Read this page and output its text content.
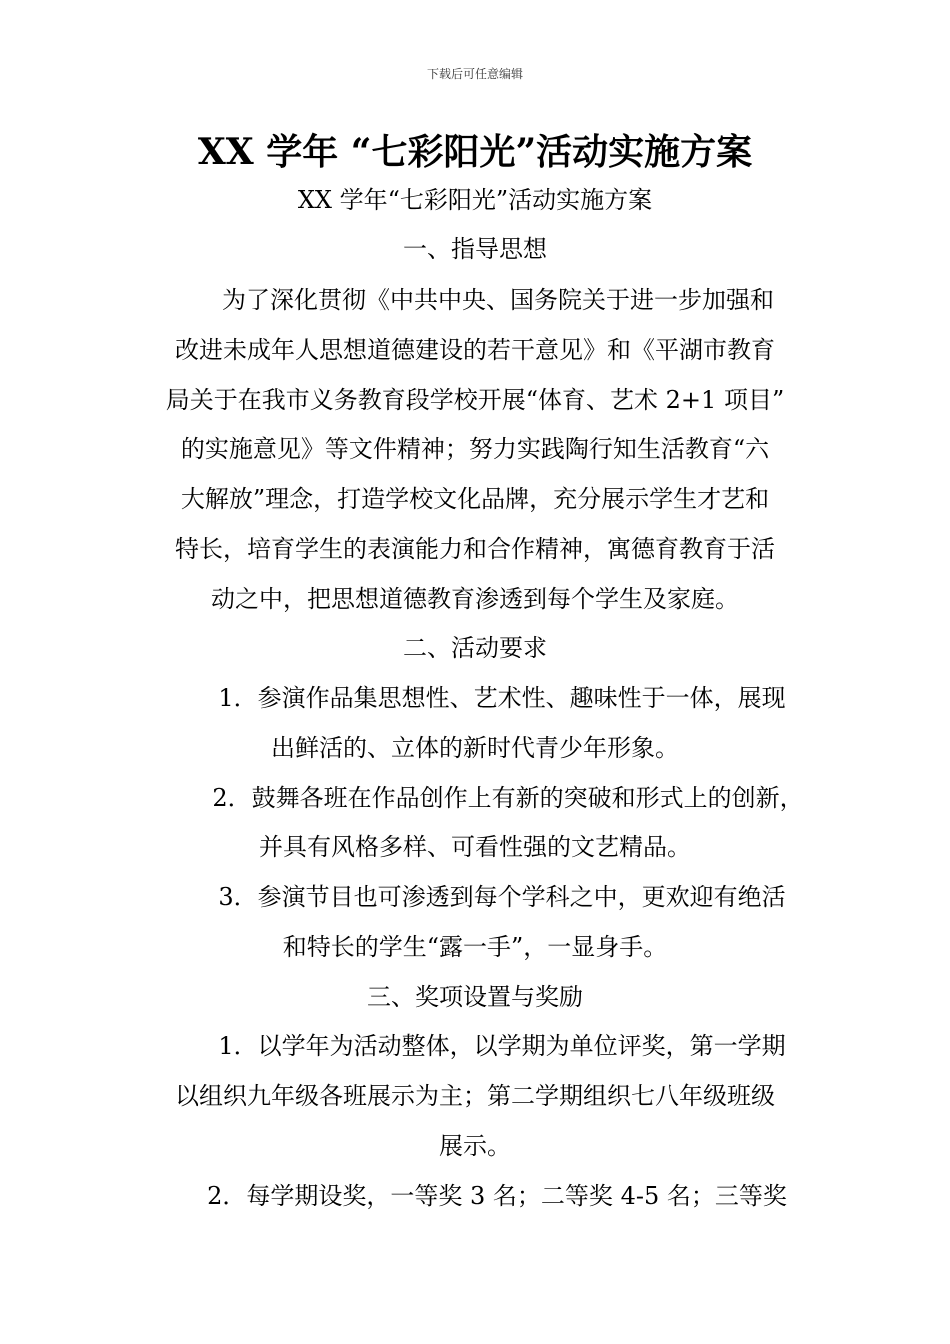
下载后可任意编辑
XX 学年 “七彩阳光”活动实施方案
XX 学年“七彩阳光”活动实施方案
一、指导思想
为了深化贯彻《中共中央、国务院关于进一步加强和
改进未成年人思想道德建设的若干意见》和《平湖市教育
局关于在我市义务教育段学校开展“体育、艺术 2+1 项目”
的实施意见》等文件精神；努力实践陶行知生活教育“六
大解放”理念，打造学校文化品牌，充分展示学生才艺和
特长，培育学生的表演能力和合作精神，寓德育教育于活
动之中，把思想道德教育渗透到每个学生及家庭。
二、活动要求
1．参演作品集思想性、艺术性、趣味性于一体，展现
出鲜活的、立体的新时代青少年形象。
2．鼓舞各班在作品创作上有新的突破和形式上的创新，
并具有风格多样、可看性强的文艺精品。
3．参演节目也可渗透到每个学科之中，更欢迎有绝活
和特长的学生“露一手”，一显身手。
三、奖项设置与奖励
1．以学年为活动整体，以学期为单位评奖，第一学期
以组织九年级各班展示为主；第二学期组织七八年级班级
展示。
2．每学期设奖，一等奖 3 名；二等奖 4-5 名；三等奖
